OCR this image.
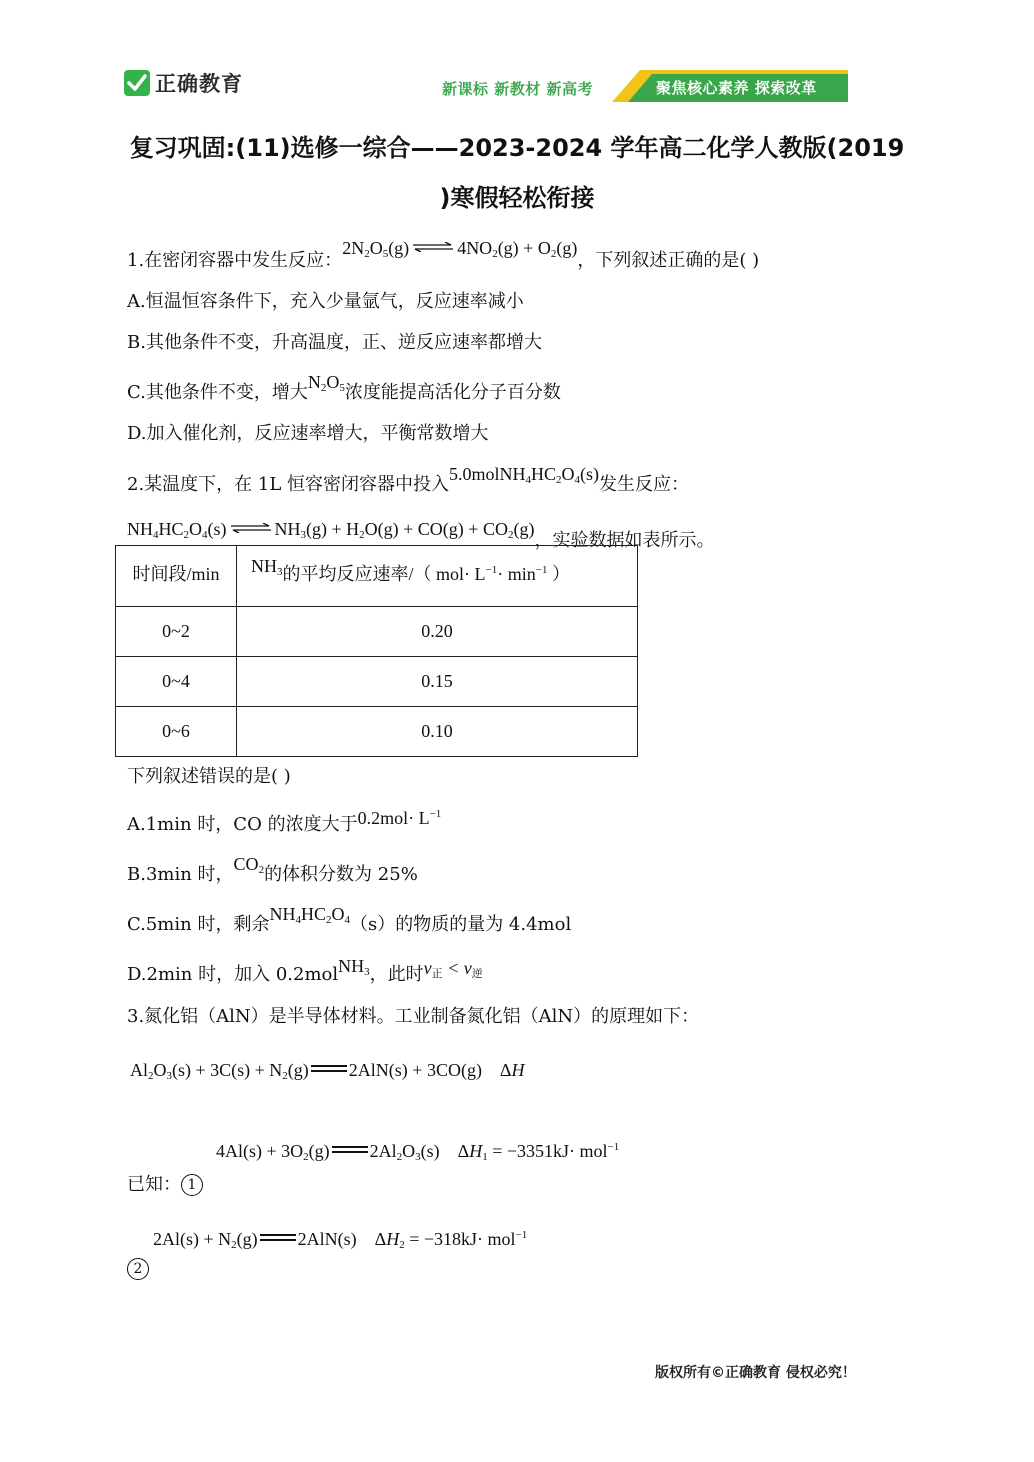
正确教育	新课标 新教材 新高考	聚焦核心素养 探索改革
复习巩固:(11)选修一综合——2023-2024 学年高二化学人教版(2019
)寒假轻松衔接
1.在密闭容器中发生反应：$2N_2O_5(g)$ ⇌ $4NO_2(g) + O_2(g)$，下列叙述正确的是( )
A.恒温恒容条件下，充入少量氩气，反应速率减小
B.其他条件不变，升高温度，正、逆反应速率都增大
C.其他条件不变，增大$N_2O_5$浓度能提高活化分子百分数
D.加入催化剂，反应速率增大，平衡常数增大
2.某温度下，在 1L 恒容密闭容器中投入$5.0molNH_4HC_2O_4(s)$发生反应：
$NH_4HC_2O_4(s)$ ⇌ $NH_3(g) + H_2O(g) + CO(g) + CO_2(g)$，实验数据如表所示。
时间段/min	$NH_3$的平均反应速率/（ $mol\cdot L^{-1}\cdot \min^{-1}$ ）
0~2	0.20
0~4	0.15
0~6	0.10
下列叙述错误的是( )
A.1min 时，CO 的浓度大于$0.2mol\cdot L^{-1}$
B.3min 时，$CO_2$的体积分数为 25%
C.5min 时，剩余$NH_4HC_2O_4(s)$的物质的量为 4.4mol
D.2min 时，加入 0.2molNH$_3$，此时$v_正 < v_逆$
3.氮化铝（AlN）是半导体材料。工业制备氮化铝（AlN）的原理如下：
$Al_2O_3(s) + 3C(s) + N_2(g) 2AlN(s) + 3CO(g)$    ΔH
$4Al(s) + 3O_2(g)$ $2Al_2O_3(s)$    $\Delta H_1 = -3351kJ\cdot mol^{-1}$
已知： 1
$2Al(s) + N_2(g)$ 2AlN(s)    $\Delta H_2 = -318kJ\cdot mol^{-1}$
2
版权所有©正确教育 侵权必究！
